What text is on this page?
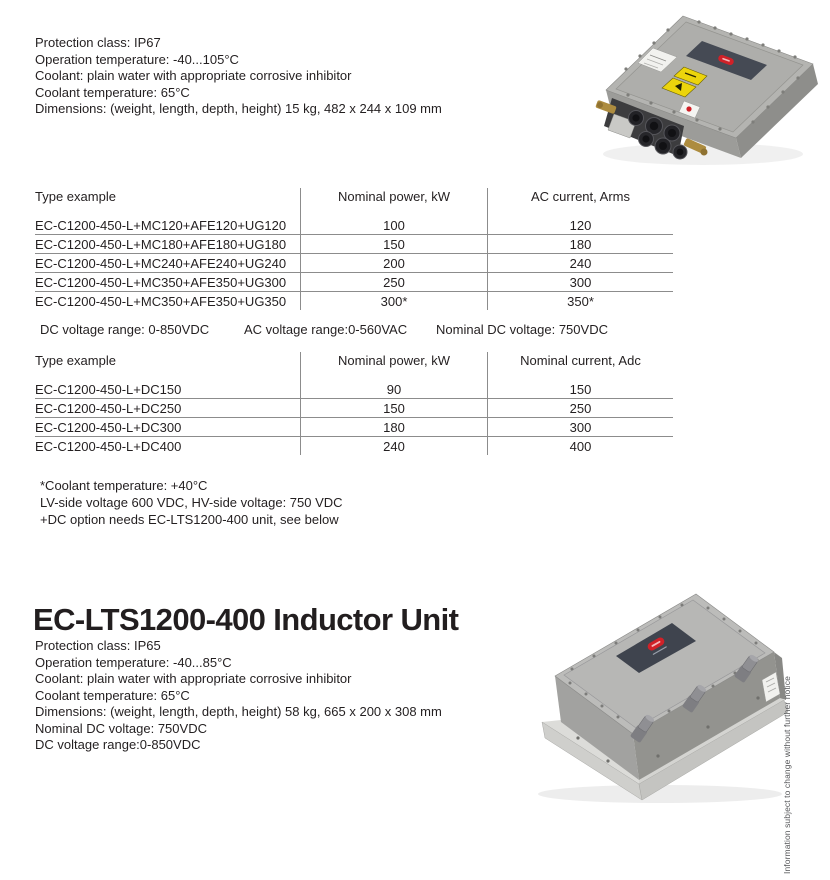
Protection class: IP67
Operation temperature: -40...105°C
Coolant: plain water with appropriate corrosive inhibitor
Coolant temperature: 65°C
Dimensions: (weight, length, depth, height) 15 kg, 482 x 244 x 109 mm
Type example	Nominal power, kW	AC current, Arms
EC-C1200-450-L+MC120+AFE120+UG120	100	120
EC-C1200-450-L+MC180+AFE180+UG180	150	180
EC-C1200-450-L+MC240+AFE240+UG240	200	240
EC-C1200-450-L+MC350+AFE350+UG300	250	300
EC-C1200-450-L+MC350+AFE350+UG350	300*	350*
DC voltage range: 0-850VDC	AC voltage range:0-560VAC Nominal DC voltage: 750VDC
Type example	Nominal power, kW	Nominal current, Adc
EC-C1200-450-L+DC150	90	150
EC-C1200-450-L+DC250	150	250
EC-C1200-450-L+DC300	180	300
EC-C1200-450-L+DC400	240	400
*Coolant temperature: +40°C
LV-side voltage 600 VDC, HV-side voltage: 750 VDC
+DC option needs EC-LTS1200-400 unit, see below
EC-LTS1200-400 Inductor Unit
Protection class: IP65
Operation temperature: -40...85°C
Coolant: plain water with appropriate corrosive inhibitor
Coolant temperature: 65°C
Dimensions: (weight, length, depth, height) 58 kg, 665 x 200 x 308 mm
Nominal DC voltage: 750VDC
DC voltage range:0-850VDC	Information subject to change without further notice
